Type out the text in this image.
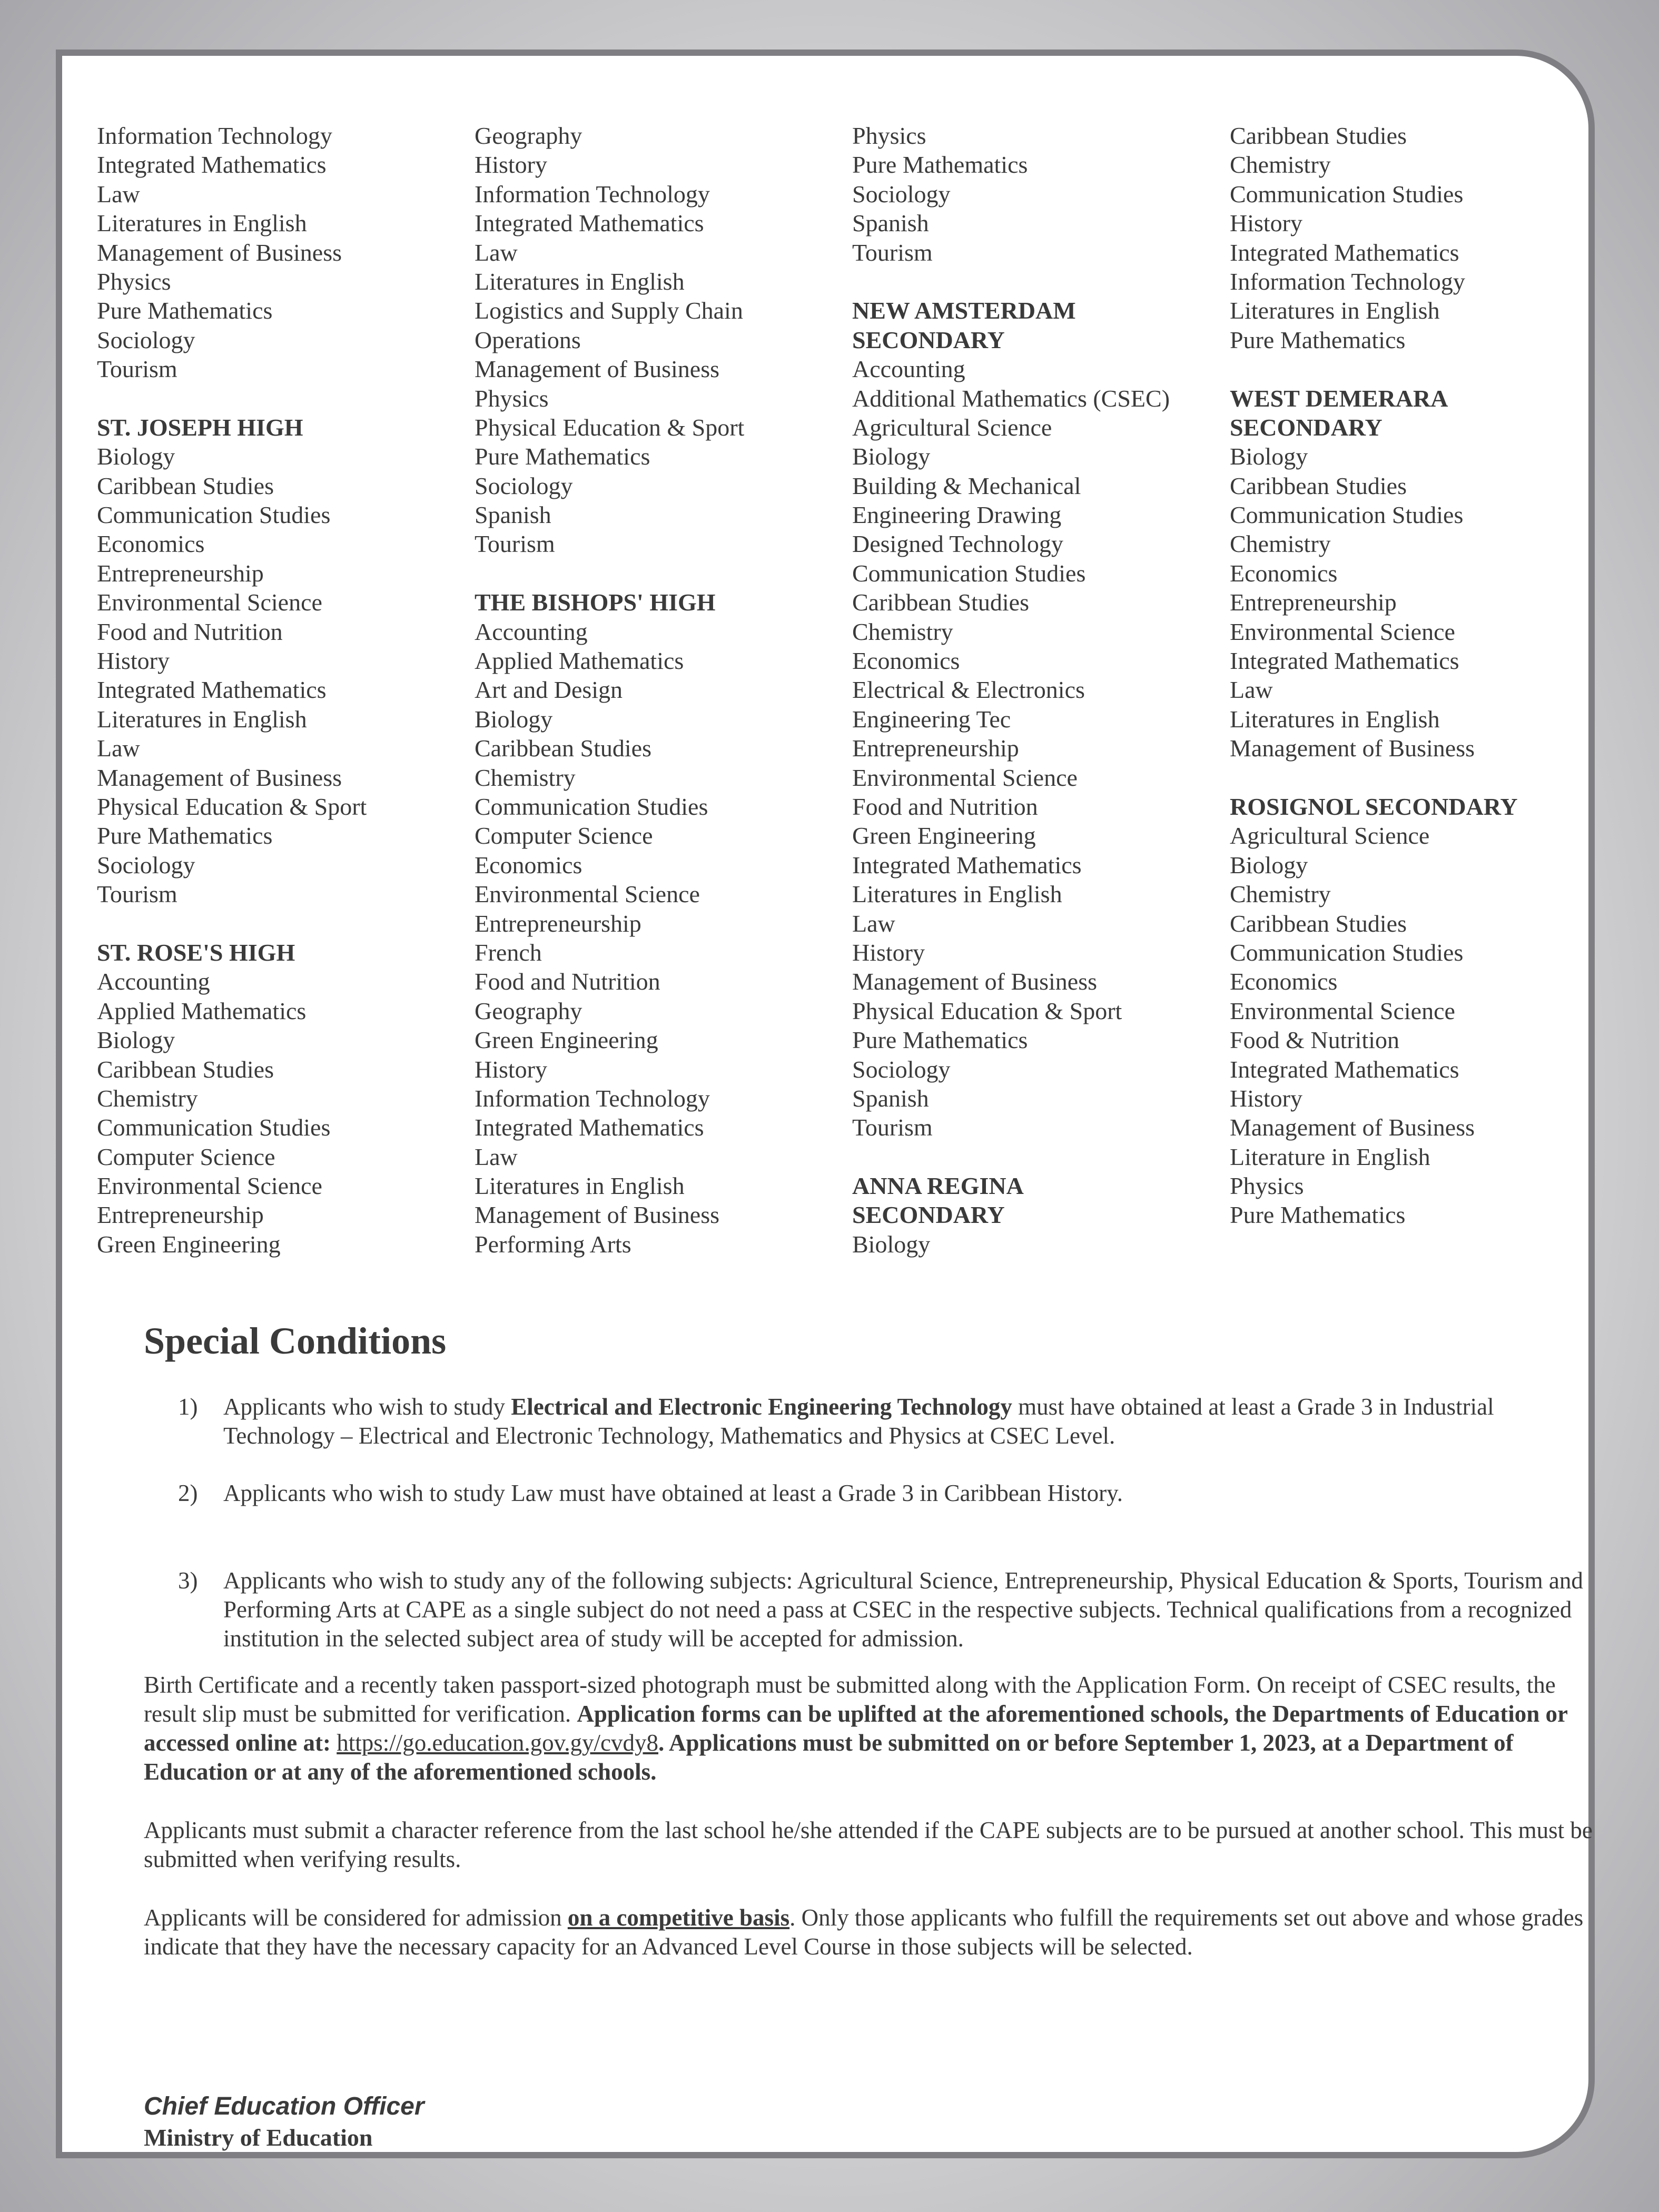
Information Technology
Integrated Mathematics
Law
Literatures in English
Management of Business
Physics
Pure Mathematics
Sociology
Tourism
ST. JOSEPH HIGH
Biology
Caribbean Studies
Communication Studies
Economics
Entrepreneurship
Environmental Science
Food and Nutrition
History
Integrated Mathematics
Literatures in English
Law
Management of Business
Physical Education & Sport
Pure Mathematics
Sociology
Tourism
ST. ROSE'S HIGH
Accounting
Applied Mathematics
Biology
Caribbean Studies
Chemistry
Communication Studies
Computer Science
Environmental Science
Entrepreneurship
Green Engineering
Geography
History
Information Technology
Integrated Mathematics
Law
Literatures in English
Logistics and Supply Chain
Operations
Management of Business
Physics
Physical Education & Sport
Pure Mathematics
Sociology
Spanish
Tourism
THE BISHOPS' HIGH
Accounting
Applied Mathematics
Art and Design
Biology
Caribbean Studies
Chemistry
Communication Studies
Computer Science
Economics
Environmental Science
Entrepreneurship
French
Food and Nutrition
Geography
Green Engineering
History
Information Technology
Integrated Mathematics
Law
Literatures in English
Management of Business
Performing Arts
Physics
Pure Mathematics
Sociology
Spanish
Tourism
NEW AMSTERDAM
SECONDARY
Accounting
Additional Mathematics (CSEC)
Agricultural Science
Biology
Building & Mechanical
Engineering Drawing
Designed Technology
Communication Studies
Caribbean Studies
Chemistry
Economics
Electrical & Electronics
Engineering Tec
Entrepreneurship
Environmental Science
Food and Nutrition
Green Engineering
Integrated Mathematics
Literatures in English
Law
History
Management of Business
Physical Education & Sport
Pure Mathematics
Sociology
Spanish
Tourism
ANNA REGINA
SECONDARY
Biology
Caribbean Studies
Chemistry
Communication Studies
History
Integrated Mathematics
Information Technology
Literatures in English
Pure Mathematics
WEST DEMERARA
SECONDARY
Biology
Caribbean Studies
Communication Studies
Chemistry
Economics
Entrepreneurship
Environmental Science
Integrated Mathematics
Law
Literatures in English
Management of Business
ROSIGNOL SECONDARY
Agricultural Science
Biology
Chemistry
Caribbean Studies
Communication Studies
Economics
Environmental Science
Food & Nutrition
Integrated Mathematics
History
Management of Business
Literature in English
Physics
Pure Mathematics
Special Conditions
1) Applicants who wish to study Electrical and Electronic Engineering Technology must have obtained at least a Grade 3 in Industrial Technology – Electrical and Electronic Technology, Mathematics and Physics at CSEC Level.
2) Applicants who wish to study Law must have obtained at least a Grade 3 in Caribbean History.
3) Applicants who wish to study any of the following subjects: Agricultural Science, Entrepreneurship, Physical Education & Sports, Tourism and Performing Arts at CAPE as a single subject do not need a pass at CSEC in the respective subjects. Technical qualifications from a recognized institution in the selected subject area of study will be accepted for admission.
Birth Certificate and a recently taken passport-sized photograph must be submitted along with the Application Form. On receipt of CSEC results, the result slip must be submitted for verification. Application forms can be uplifted at the aforementioned schools, the Departments of Education or accessed online at: https://go.education.gov.gy/cvdy8. Applications must be submitted on or before September 1, 2023, at a Department of Education or at any of the aforementioned schools.
Applicants must submit a character reference from the last school he/she attended if the CAPE subjects are to be pursued at another school. This must be submitted when verifying results.
Applicants will be considered for admission on a competitive basis. Only those applicants who fulfill the requirements set out above and whose grades indicate that they have the necessary capacity for an Advanced Level Course in those subjects will be selected.
Chief Education Officer
Ministry of Education
